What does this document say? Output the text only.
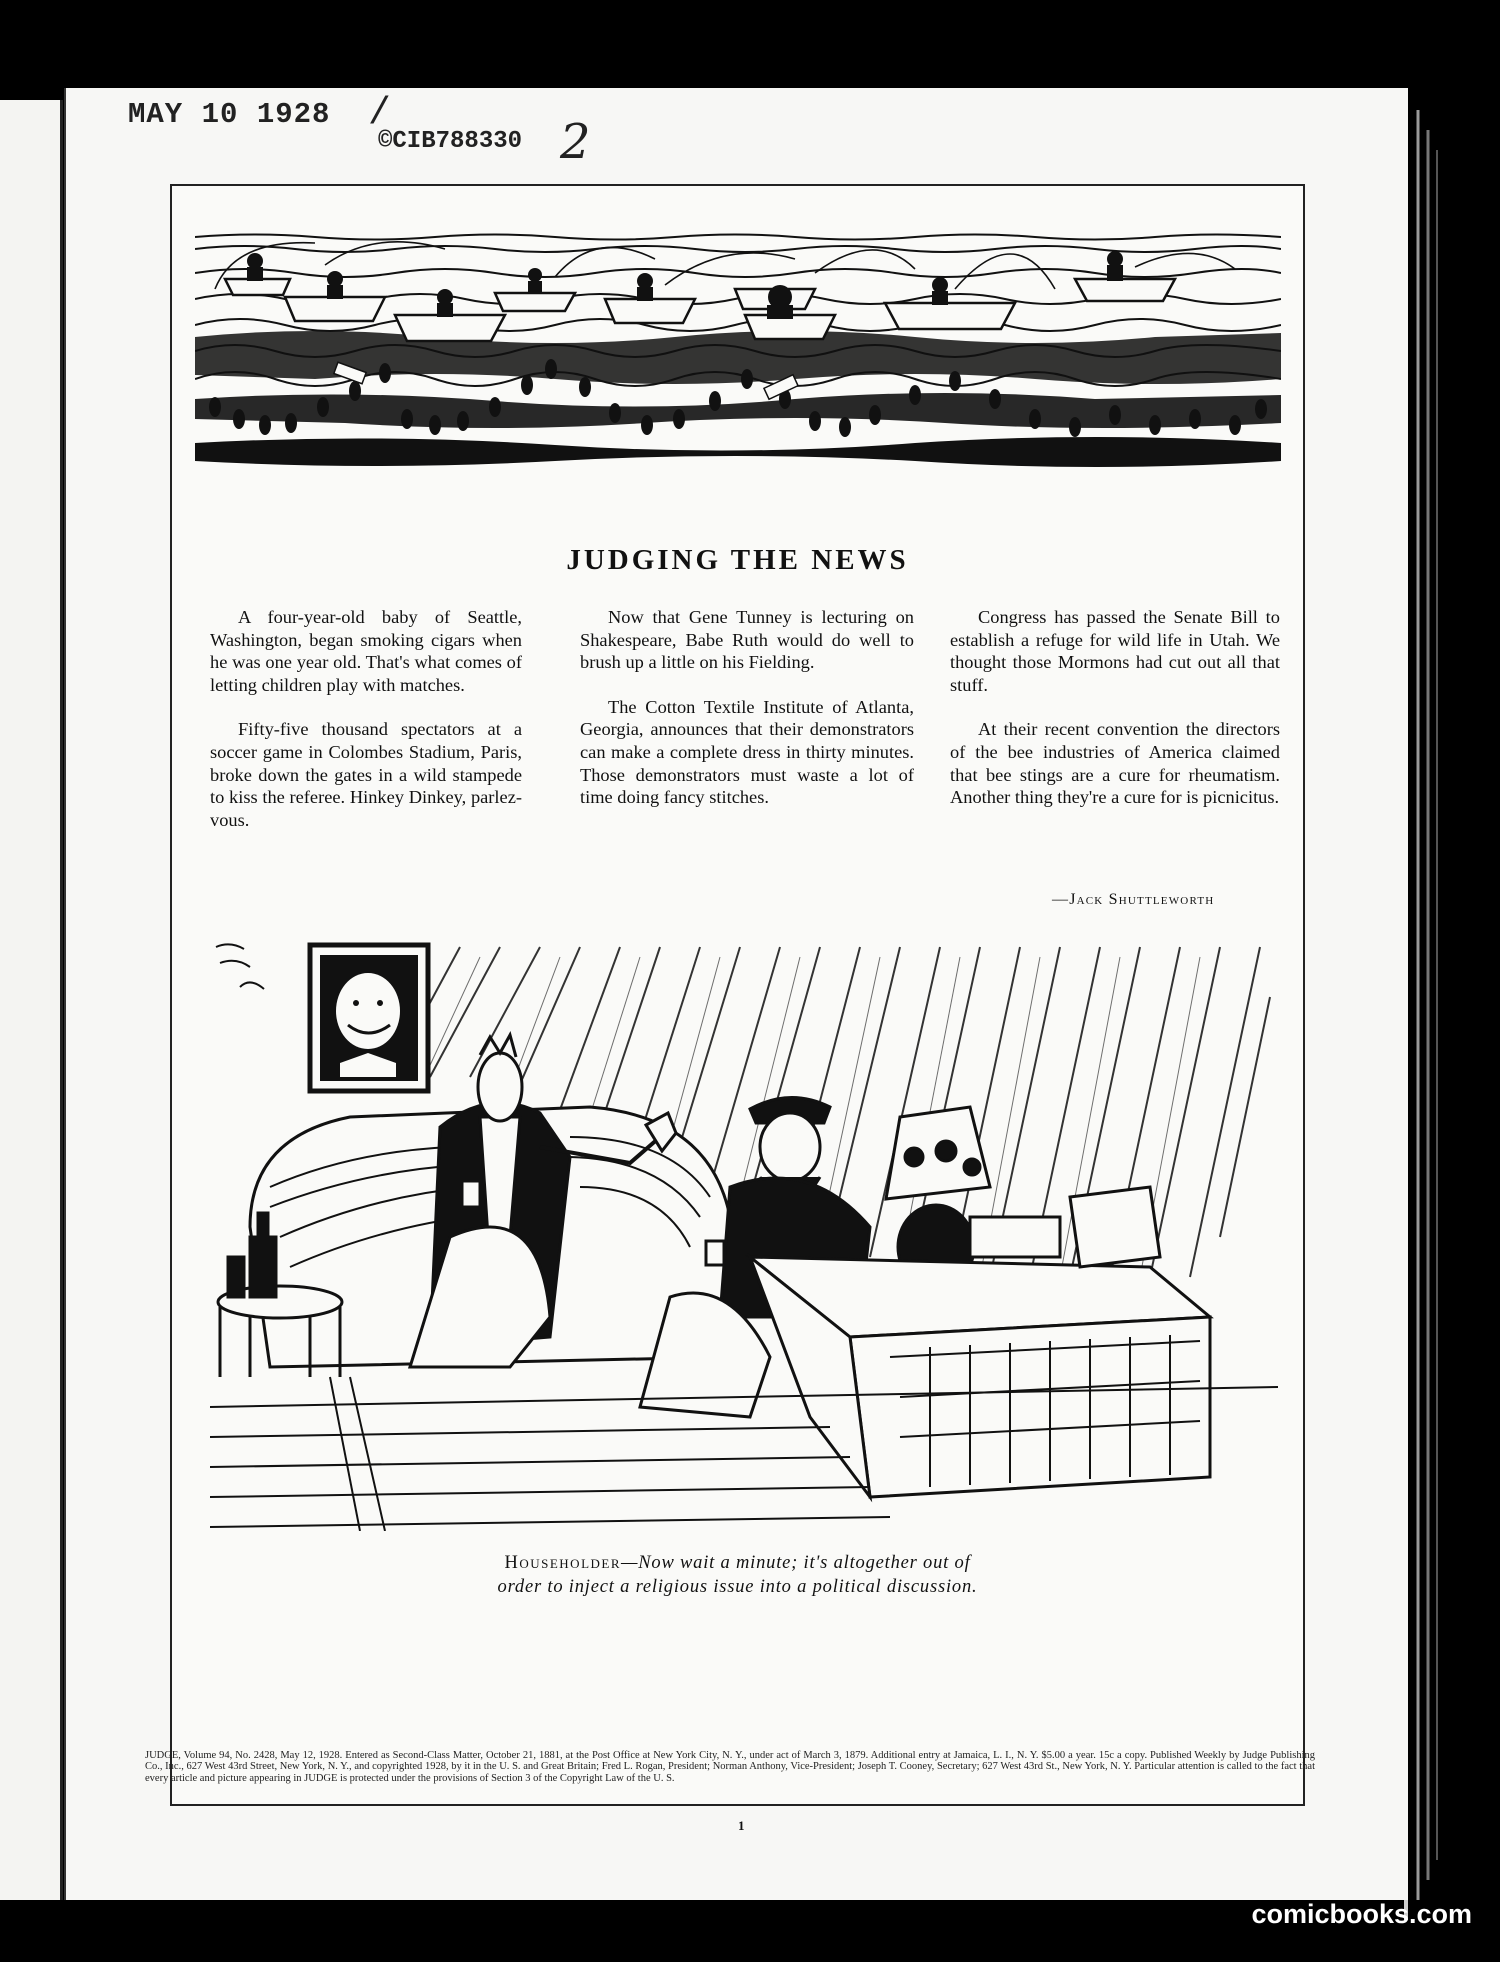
MAY 10 1928 /
©CIB788330 2
JUDGING THE NEWS

A four-year-old baby of Seattle, Washington, began smoking cigars when he was one year old. That's what comes of letting children play with matches.

Fifty-five thousand spectators at a soccer game in Colombes Stadium, Paris, broke down the gates in a wild stampede to kiss the referee. Hinkey Dinkey, parlez-vous.

Now that Gene Tunney is lecturing on Shakespeare, Babe Ruth would do well to brush up a little on his Fielding.

The Cotton Textile Institute of Atlanta, Georgia, announces that their demonstrators can make a complete dress in thirty minutes. Those demonstrators must waste a lot of time doing fancy stitches.

Congress has passed the Senate Bill to establish a refuge for wild life in Utah. We thought those Mormons had cut out all that stuff.

At their recent convention the directors of the bee industries of America claimed that bee stings are a cure for rheumatism. Another thing they're a cure for is picnicitus.

—Jack Shuttleworth
Householder—Now wait a minute; it's altogether out of
order to inject a religious issue into a political discussion.
JUDGE, Volume 94, No. 2428, May 12, 1928. Entered as Second-Class Matter, October 21, 1881, at the Post Office at New York City, N. Y., under act of March 3, 1879. Additional entry at Jamaica, L. I., N. Y. $5.00 a year. 15c a copy. Published Weekly by Judge Publishing Co., Inc., 627 West 43rd Street, New York, N. Y., and copyrighted 1928, by it in the U. S. and Great Britain; Fred L. Rogan, President; Norman Anthony, Vice-President; Joseph T. Cooney, Secretary; 627 West 43rd St., New York, N. Y. Particular attention is called to the fact that every article and picture appearing in JUDGE is protected under the provisions of Section 3 of the Copyright Law of the U. S.
1
comicbooks.com
